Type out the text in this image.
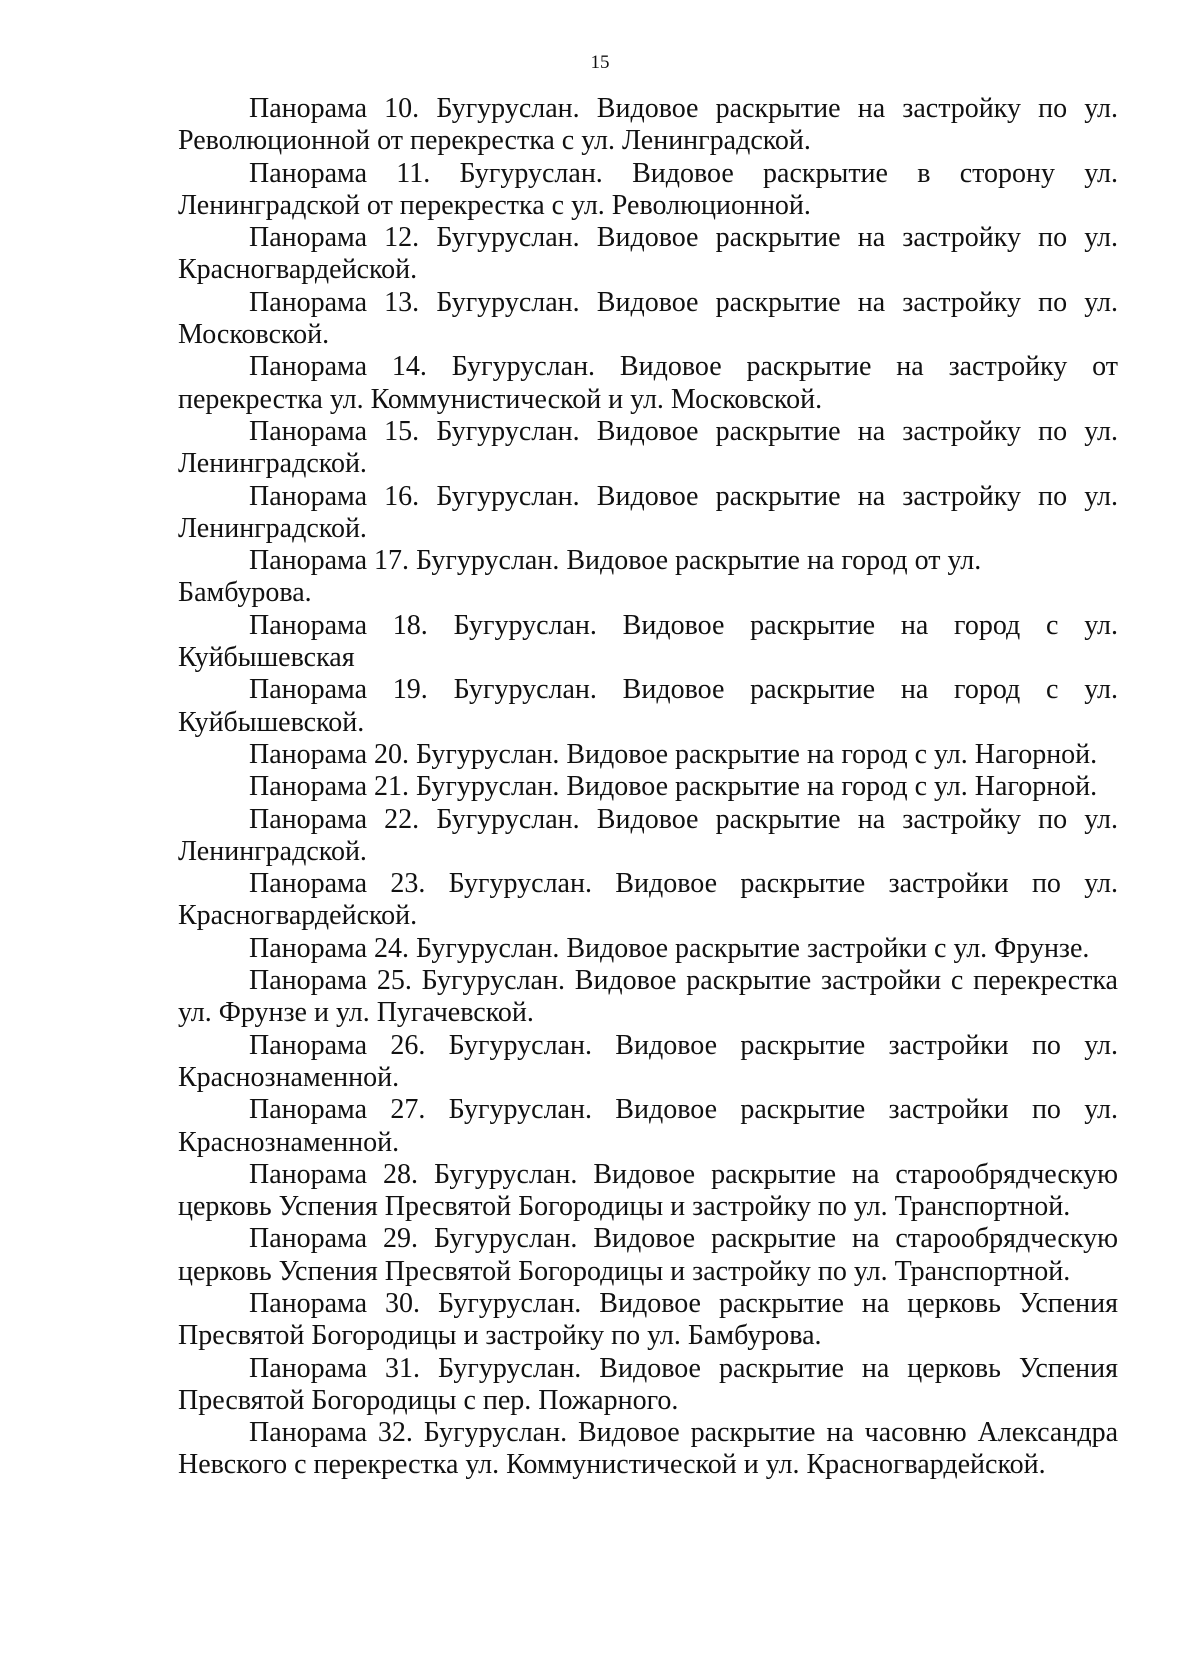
15

Панорама 10. Бугуруслан. Видовое раскрытие на застройку по ул. Революционной от перекрестка с ул. Ленинградской.

Панорама 11. Бугуруслан. Видовое раскрытие в сторону ул. Ленинградской от перекрестка с ул. Революционной.

Панорама 12. Бугуруслан. Видовое раскрытие на застройку по ул. Красногвардейской.

Панорама 13. Бугуруслан. Видовое раскрытие на застройку по ул. Московской.

Панорама 14. Бугуруслан. Видовое раскрытие на застройку от перекрестка ул. Коммунистической и ул. Московской.

Панорама 15. Бугуруслан. Видовое раскрытие на застройку по ул. Ленинградской.

Панорама 16. Бугуруслан. Видовое раскрытие на застройку по ул. Ленинградской.

Панорама 17. Бугуруслан. Видовое раскрытие на город от ул. Бамбурова.

Панорама 18. Бугуруслан. Видовое раскрытие на город с ул. Куйбышевская

Панорама 19. Бугуруслан. Видовое раскрытие на город с ул. Куйбышевской.

Панорама 20. Бугуруслан. Видовое раскрытие на город с ул. Нагорной.

Панорама 21. Бугуруслан. Видовое раскрытие на город с ул. Нагорной.

Панорама 22. Бугуруслан. Видовое раскрытие на застройку по ул. Ленинградской.

Панорама 23. Бугуруслан. Видовое раскрытие застройки по ул. Красногвардейской.

Панорама 24. Бугуруслан. Видовое раскрытие застройки с ул. Фрунзе.

Панорама 25. Бугуруслан. Видовое раскрытие застройки с перекрестка ул. Фрунзе и ул. Пугачевской.

Панорама 26. Бугуруслан. Видовое раскрытие застройки по ул. Краснознаменной.

Панорама 27. Бугуруслан. Видовое раскрытие застройки по ул. Краснознаменной.

Панорама 28. Бугуруслан. Видовое раскрытие на старообрядческую церковь Успения Пресвятой Богородицы и застройку по ул. Транспортной.

Панорама 29. Бугуруслан. Видовое раскрытие на старообрядческую церковь Успения Пресвятой Богородицы и застройку по ул. Транспортной.

Панорама 30. Бугуруслан. Видовое раскрытие на церковь Успения Пресвятой Богородицы и застройку по ул. Бамбурова.

Панорама 31. Бугуруслан. Видовое раскрытие на церковь Успения Пресвятой Богородицы с пер. Пожарного.

Панорама 32. Бугуруслан. Видовое раскрытие на часовню Александра Невского с перекрестка ул. Коммунистической и ул. Красногвардейской.
